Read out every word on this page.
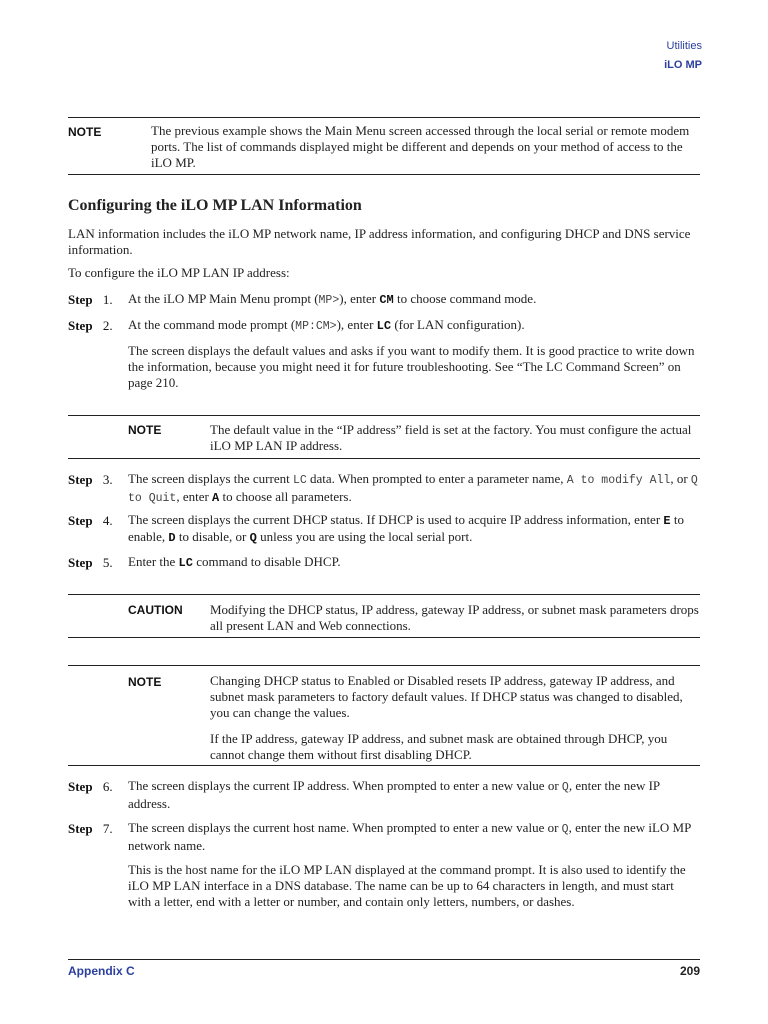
Utilities
iLO MP
NOTE	The previous example shows the Main Menu screen accessed through the local serial or remote modem ports. The list of commands displayed might be different and depends on your method of access to the iLO MP.
Configuring the iLO MP LAN Information
LAN information includes the iLO MP network name, IP address information, and configuring DHCP and DNS service information.
To configure the iLO MP LAN IP address:
Step 1. At the iLO MP Main Menu prompt (MP>), enter CM to choose command mode.
Step 2. At the command mode prompt (MP:CM>), enter LC (for LAN configuration).
The screen displays the default values and asks if you want to modify them. It is good practice to write down the information, because you might need it for future troubleshooting. See “The LC Command Screen” on page 210.
NOTE	The default value in the “IP address” field is set at the factory. You must configure the actual iLO MP LAN IP address.
Step 3. The screen displays the current LC data. When prompted to enter a parameter name, A to modify All, or Q to Quit, enter A to choose all parameters.
Step 4. The screen displays the current DHCP status. If DHCP is used to acquire IP address information, enter E to enable, D to disable, or Q unless you are using the local serial port.
Step 5. Enter the LC command to disable DHCP.
CAUTION Modifying the DHCP status, IP address, gateway IP address, or subnet mask parameters drops all present LAN and Web connections.
NOTE	Changing DHCP status to Enabled or Disabled resets IP address, gateway IP address, and subnet mask parameters to factory default values. If DHCP status was changed to disabled, you can change the values.
If the IP address, gateway IP address, and subnet mask are obtained through DHCP, you cannot change them without first disabling DHCP.
Step 6. The screen displays the current IP address. When prompted to enter a new value or Q, enter the new IP address.
Step 7. The screen displays the current host name. When prompted to enter a new value or Q, enter the new iLO MP network name.
This is the host name for the iLO MP LAN displayed at the command prompt. It is also used to identify the iLO MP LAN interface in a DNS database. The name can be up to 64 characters in length, and must start with a letter, end with a letter or number, and contain only letters, numbers, or dashes.
Appendix C	209
